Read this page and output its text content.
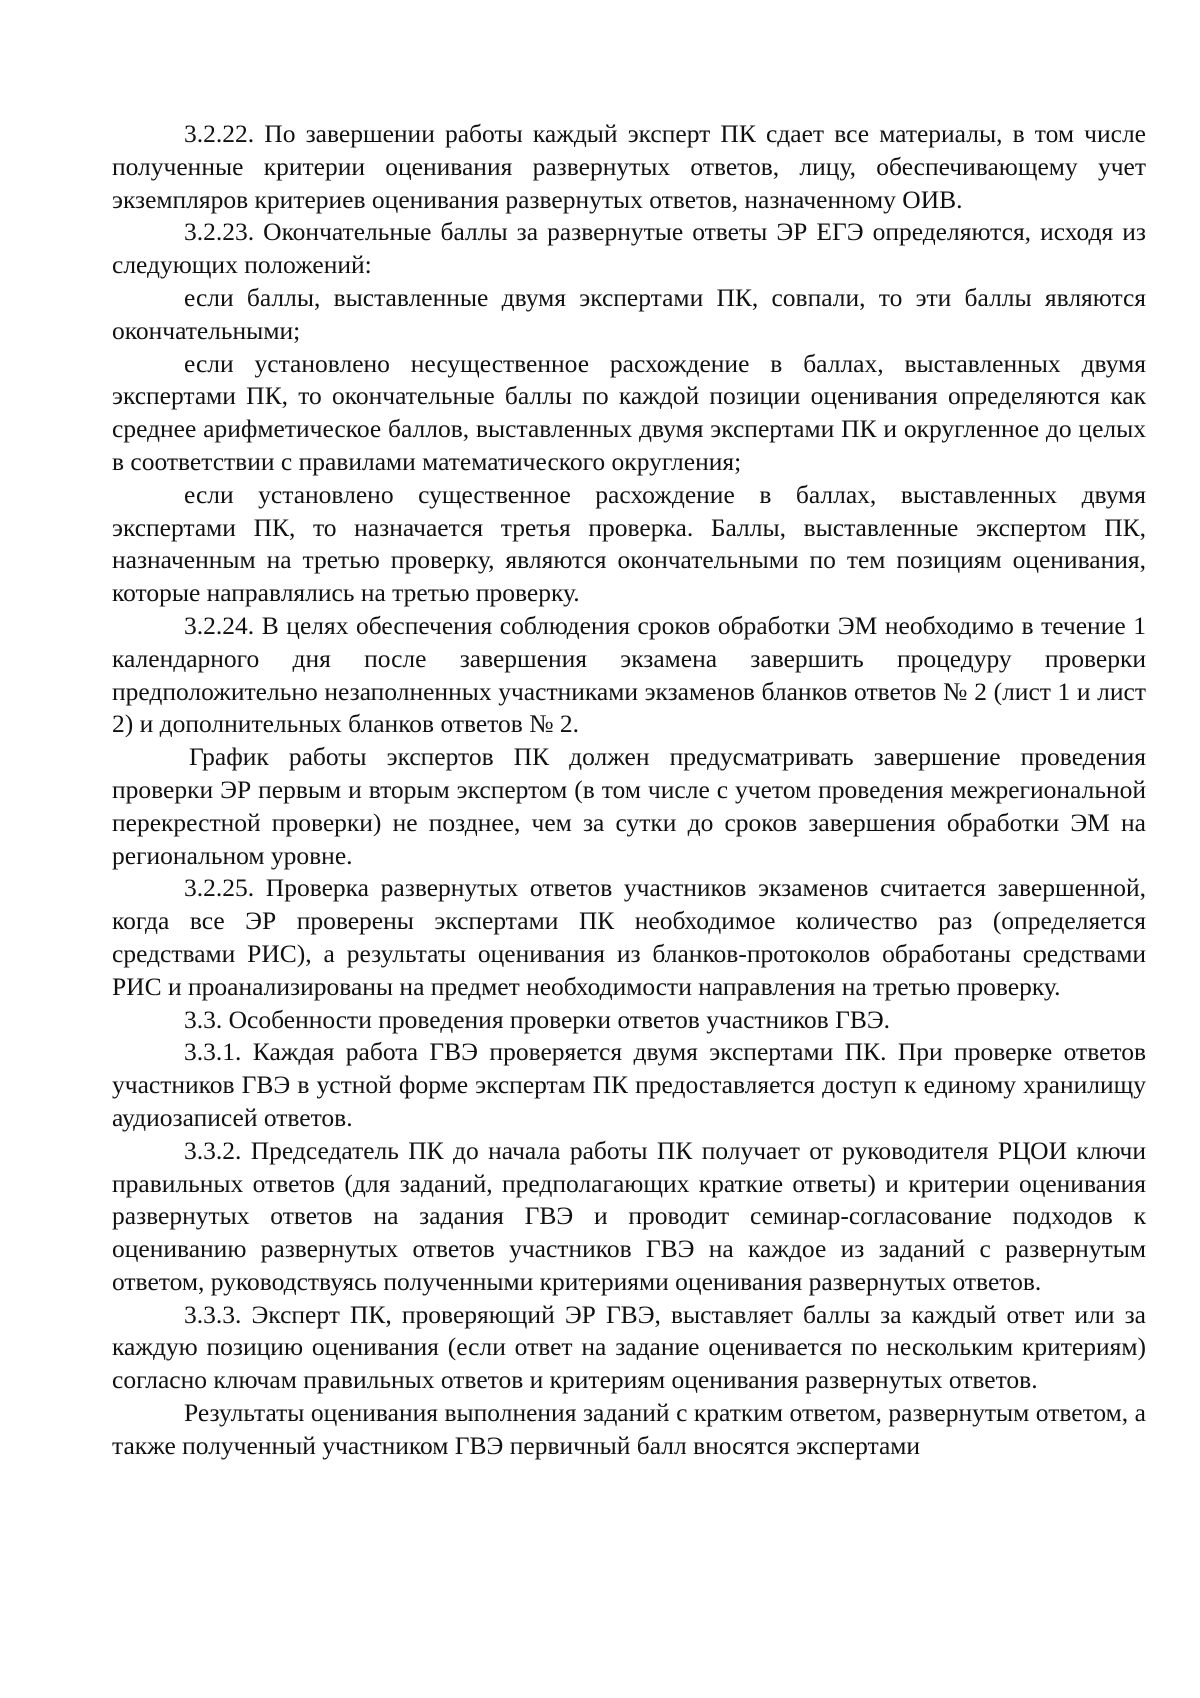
3.2.22. По завершении работы каждый эксперт ПК сдает все материалы, в том числе полученные критерии оценивания развернутых ответов, лицу, обеспечивающему учет экземпляров критериев оценивания развернутых ответов, назначенному ОИВ.

3.2.23. Окончательные баллы за развернутые ответы ЭР ЕГЭ определяются, исходя из следующих положений:

если баллы, выставленные двумя экспертами ПК, совпали, то эти баллы являются окончательными;

если установлено несущественное расхождение в баллах, выставленных двумя экспертами ПК, то окончательные баллы по каждой позиции оценивания определяются как среднее арифметическое баллов, выставленных двумя экспертами ПК и округленное до целых в соответствии с правилами математического округления;

если установлено существенное расхождение в баллах, выставленных двумя экспертами ПК, то назначается третья проверка. Баллы, выставленные экспертом ПК, назначенным на третью проверку, являются окончательными по тем позициям оценивания, которые направлялись на третью проверку.

3.2.24. В целях обеспечения соблюдения сроков обработки ЭМ необходимо в течение 1 календарного дня после завершения экзамена завершить процедуру проверки предположительно незаполненных участниками экзаменов бланков ответов № 2 (лист 1 и лист 2) и дополнительных бланков ответов № 2.

График работы экспертов ПК должен предусматривать завершение проведения проверки ЭР первым и вторым экспертом (в том числе с учетом проведения межрегиональной перекрестной проверки) не позднее, чем за сутки до сроков завершения обработки ЭМ на региональном уровне.

3.2.25. Проверка развернутых ответов участников экзаменов считается завершенной, когда все ЭР проверены экспертами ПК необходимое количество раз (определяется средствами РИС), а результаты оценивания из бланков-протоколов обработаны средствами РИС и проанализированы на предмет необходимости направления на третью проверку.

3.3. Особенности проведения проверки ответов участников ГВЭ.

3.3.1. Каждая работа ГВЭ проверяется двумя экспертами ПК. При проверке ответов участников ГВЭ в устной форме экспертам ПК предоставляется доступ к единому хранилищу аудиозаписей ответов.

3.3.2. Председатель ПК до начала работы ПК получает от руководителя РЦОИ ключи правильных ответов (для заданий, предполагающих краткие ответы) и критерии оценивания развернутых ответов на задания ГВЭ и проводит семинар-согласование подходов к оцениванию развернутых ответов участников ГВЭ на каждое из заданий с развернутым ответом, руководствуясь полученными критериями оценивания развернутых ответов.

3.3.3. Эксперт ПК, проверяющий ЭР ГВЭ, выставляет баллы за каждый ответ или за каждую позицию оценивания (если ответ на задание оценивается по нескольким критериям) согласно ключам правильных ответов и критериям оценивания развернутых ответов.

Результаты оценивания выполнения заданий с кратким ответом, развернутым ответом, а также полученный участником ГВЭ первичный балл вносятся экспертами
